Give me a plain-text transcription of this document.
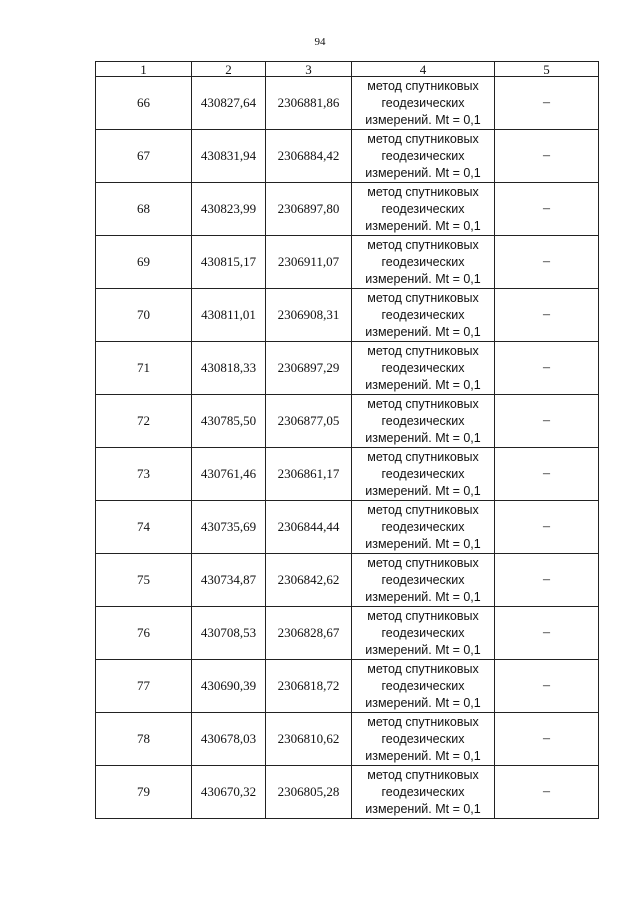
94
1	2	3	4	5
66	430827,64	2306881,86	метод спутниковых геодезических измерений. Mt = 0,1	–
67	430831,94	2306884,42	метод спутниковых геодезических измерений. Mt = 0,1	–
68	430823,99	2306897,80	метод спутниковых геодезических измерений. Mt = 0,1	–
69	430815,17	2306911,07	метод спутниковых геодезических измерений. Mt = 0,1	–
70	430811,01	2306908,31	метод спутниковых геодезических измерений. Mt = 0,1	–
71	430818,33	2306897,29	метод спутниковых геодезических измерений. Mt = 0,1	–
72	430785,50	2306877,05	метод спутниковых геодезических измерений. Mt = 0,1	–
73	430761,46	2306861,17	метод спутниковых геодезических измерений. Mt = 0,1	–
74	430735,69	2306844,44	метод спутниковых геодезических измерений. Mt = 0,1	–
75	430734,87	2306842,62	метод спутниковых геодезических измерений. Mt = 0,1	–
76	430708,53	2306828,67	метод спутниковых геодезических измерений. Mt = 0,1	–
77	430690,39	2306818,72	метод спутниковых геодезических измерений. Mt = 0,1	–
78	430678,03	2306810,62	метод спутниковых геодезических измерений. Mt = 0,1	–
79	430670,32	2306805,28	метод спутниковых геодезических измерений. Mt = 0,1	–
